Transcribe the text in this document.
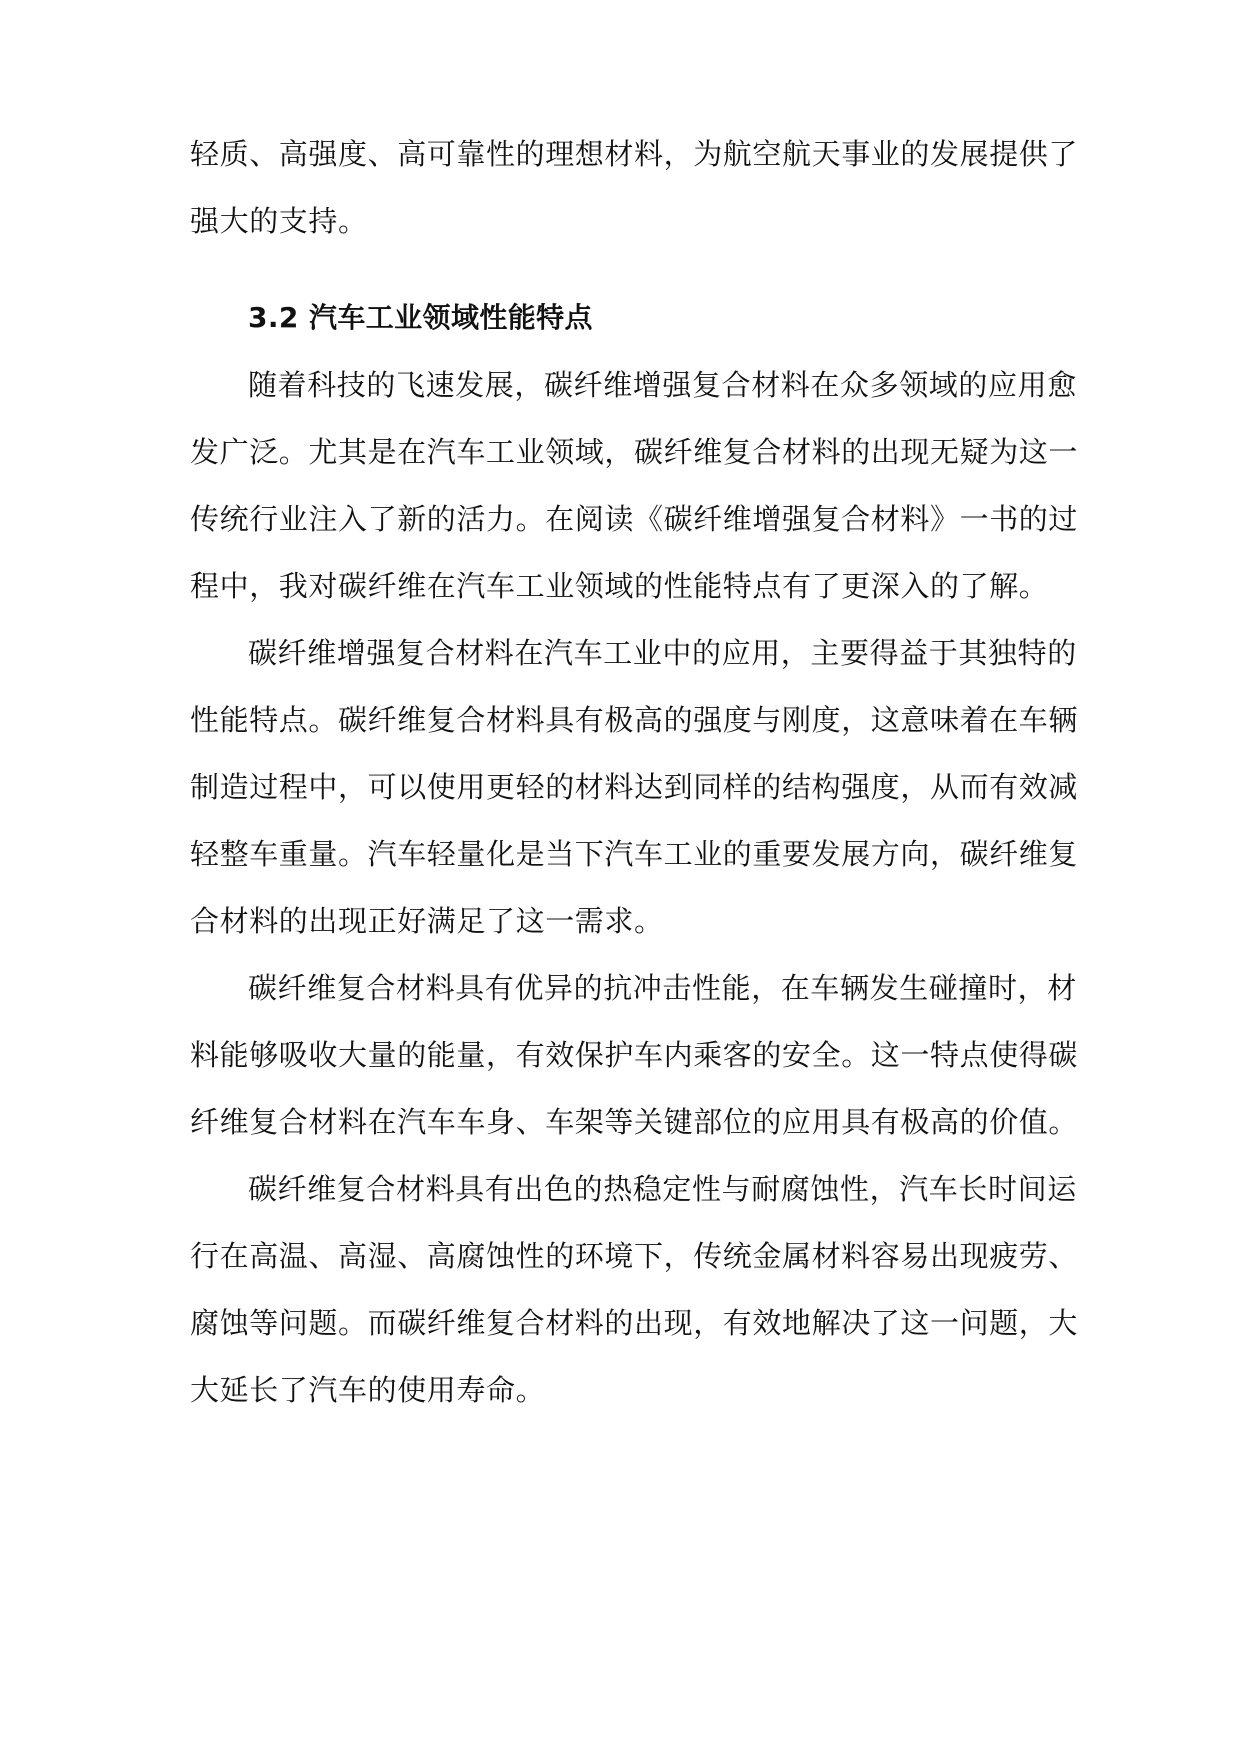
轻质、高强度、高可靠性的理想材料，为航空航天事业的发展提供了
强大的支持。
3.2 汽车工业领域性能特点
随着科技的飞速发展，碳纤维增强复合材料在众多领域的应用愈
发广泛。尤其是在汽车工业领域，碳纤维复合材料的出现无疑为这一
传统行业注入了新的活力。在阅读《碳纤维增强复合材料》一书的过
程中，我对碳纤维在汽车工业领域的性能特点有了更深入的了解。
碳纤维增强复合材料在汽车工业中的应用，主要得益于其独特的
性能特点。碳纤维复合材料具有极高的强度与刚度，这意味着在车辆
制造过程中，可以使用更轻的材料达到同样的结构强度，从而有效减
轻整车重量。汽车轻量化是当下汽车工业的重要发展方向，碳纤维复
合材料的出现正好满足了这一需求。
碳纤维复合材料具有优异的抗冲击性能，在车辆发生碰撞时，材
料能够吸收大量的能量，有效保护车内乘客的安全。这一特点使得碳
纤维复合材料在汽车车身、车架等关键部位的应用具有极高的价值。
碳纤维复合材料具有出色的热稳定性与耐腐蚀性，汽车长时间运
行在高温、高湿、高腐蚀性的环境下，传统金属材料容易出现疲劳、
腐蚀等问题。而碳纤维复合材料的出现，有效地解决了这一问题，大
大延长了汽车的使用寿命。
